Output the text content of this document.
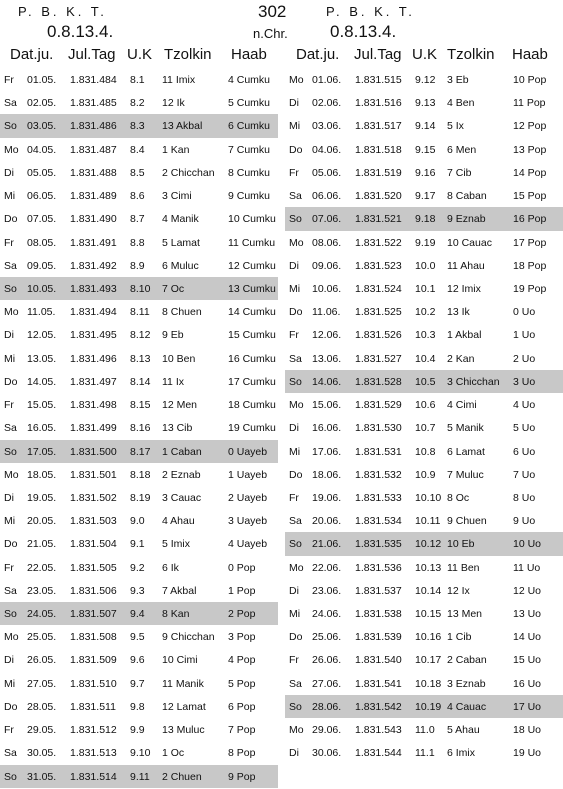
P. B. K. T.
0.8.13.4.
302
n.Chr.
P. B. K. T.
0.8.13.4.
Dat.ju. Jul.Tag U.K Tzolkin Haab Dat.ju. Jul.Tag U.K Tzolkin Haab
Fr 01.05. 1.831.484 8.1 11 Imix	4 Cumku
Sa 02.05. 1.831.485 8.2 12 Ik	5 Cumku
So 03.05. 1.831.486 8.3 13 Akbal 6 Cumku
Mo 04.05. 1.831.487 8.4 1 Kan	7 Cumku
Di 05.05. 1.831.488 8.5 2 Chicchan 8 Cumku
Mi 06.05. 1.831.489 8.6 3 Cimi	9 Cumku
Do 07.05. 1.831.490 8.7 4 Manik	10 Cumku
Fr 08.05. 1.831.491 8.8 5 Lamat	11 Cumku
Sa 09.05. 1.831.492 8.9 6 Muluc	12 Cumku
So 10.05. 1.831.493 8.10 7 Oc	13 Cumku
Mo 11.05. 1.831.494 8.11 8 Chuen	14 Cumku
Di 12.05. 1.831.495 8.12 9 Eb	15 Cumku
Mi 13.05. 1.831.496 8.13 10 Ben	16 Cumku
Do 14.05. 1.831.497 8.14 11 Ix	17 Cumku
Fr 15.05. 1.831.498 8.15 12 Men	18 Cumku
Sa 16.05. 1.831.499 8.16 13 Cib	19 Cumku
So 17.05. 1.831.500 8.17 1 Caban	0 Uayeb
Mo 18.05. 1.831.501 8.18 2 Eznab	1 Uayeb
Di 19.05. 1.831.502 8.19 3 Cauac	2 Uayeb
Mi 20.05. 1.831.503 9.0 4 Ahau	3 Uayeb
Do 21.05. 1.831.504 9.1 5 Imix	4 Uayeb
Fr 22.05. 1.831.505 9.2 6 Ik	0 Pop
Sa 23.05. 1.831.506 9.3 7 Akbal	1 Pop
So 24.05. 1.831.507 9.4 8 Kan	2 Pop
Mo 25.05. 1.831.508 9.5 9 Chicchan 3 Pop
Di 26.05. 1.831.509 9.6 10 Cimi	4 Pop
Mi 27.05. 1.831.510 9.7 11 Manik 5 Pop
Do 28.05. 1.831.511 9.8 12 Lamat 6 Pop
Fr 29.05. 1.831.512 9.9 13 Muluc 7 Pop
Sa 30.05. 1.831.513 9.10 1 Oc	8 Pop
So 31.05. 1.831.514 9.11 2 Chuen	9 Pop
Mo 01.06. 1.831.515 9.12 3 Eb	10 Pop
Di 02.06. 1.831.516 9.13 4 Ben	11 Pop
Mi 03.06. 1.831.517 9.14 5 Ix	12 Pop
Do 04.06. 1.831.518 9.15 6 Men	13 Pop
Fr 05.06. 1.831.519 9.16 7 Cib	14 Pop
Sa 06.06. 1.831.520 9.17 8 Caban	15 Pop
So 07.06. 1.831.521 9.18 9 Eznab	16 Pop
Mo 08.06. 1.831.522 9.19 10 Cauac 17 Pop
Di 09.06. 1.831.523 10.0 11 Ahau	18 Pop
Mi 10.06. 1.831.524 10.1 12 Imix	19 Pop
Do 11.06. 1.831.525 10.2 13 Ik	0 Uo
Fr 12.06. 1.831.526 10.3 1 Akbal	1 Uo
Sa 13.06. 1.831.527 10.4 2 Kan	2 Uo
So 14.06. 1.831.528 10.5 3 Chicchan 3 Uo
Mo 15.06. 1.831.529 10.6 4 Cimi	4 Uo
Di 16.06. 1.831.530 10.7 5 Manik	5 Uo
Mi 17.06. 1.831.531 10.8 6 Lamat	6 Uo
Do 18.06. 1.831.532 10.9 7 Muluc	7 Uo
Fr 19.06. 1.831.533 10.10 8 Oc	8 Uo
Sa 20.06. 1.831.534 10.11 9 Chuen	9 Uo
So 21.06. 1.831.535 10.12 10 Eb	10 Uo
Mo 22.06. 1.831.536 10.13 11 Ben	11 Uo
Di 23.06. 1.831.537 10.14 12 Ix	12 Uo
Mi 24.06. 1.831.538 10.15 13 Men	13 Uo
Do 25.06. 1.831.539 10.16 1 Cib	14 Uo
Fr 26.06. 1.831.540 10.17 2 Caban	15 Uo
Sa 27.06. 1.831.541 10.18 3 Eznab	16 Uo
So 28.06. 1.831.542 10.19 4 Cauac	17 Uo
Mo 29.06. 1.831.543 11.0 5 Ahau	18 Uo
Di 30.06. 1.831.544 11.1 6 Imix	19 Uo
